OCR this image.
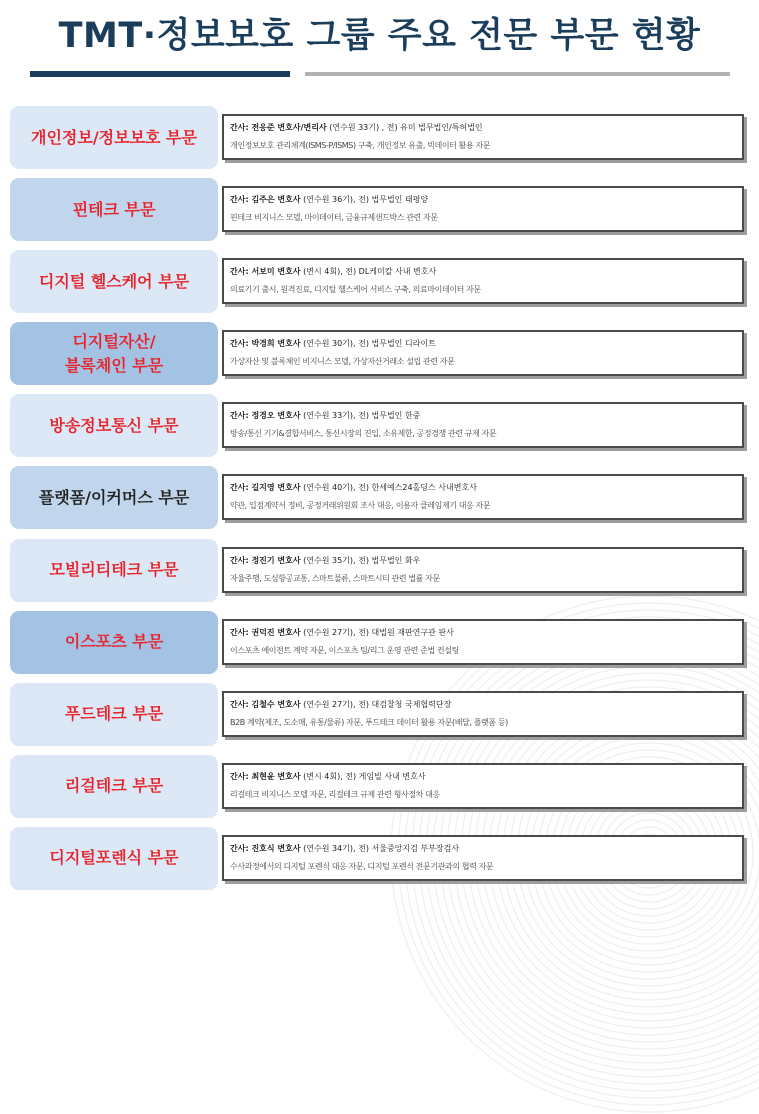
TMT·정보보호 그룹 주요 전문 부문 현황
개인정보/정보보호 부문	간사: 전응준 변호사/변리사 (연수원 33기) , 전) 유미 법무법인/특허법인
개인정보보호 관리체계(ISMS-P/ISMS) 구축, 개인정보 유출, 빅데이터 활용 자문
핀테크 부문	간사: 김주은 변호사 (연수원 36기), 전) 법무법인 태평양
핀테크 비지니스 모델, 마이데이터, 금융규제샌드박스 관련 자문
디지털 헬스케어 부문	간사: 서보미 변호사 (변시 4회), 전) DL케미칼 사내 변호사
의료기기 출시, 원격진료, 디지털 헬스케어 서비스 구축, 의료마이데이터 자문
디지털자산/
블록체인 부문
간사: 박경희 변호사 (연수원 30기), 전) 법무법인 디라이트
가상자산 및 블록체인 비지니스 모델, 가상자산거래소 설립 관련 자문
방송정보통신 부문	간사: 정경오 변호사 (연수원 33기), 전) 법무법인 한중
방송/통신 기기&결합서비스, 통신시장의 진입, 소유제한, 공정경쟁 관련 규제 자문
플랫폼/이커머스 부문	간사: 길지영 변호사 (연수원 40기), 전) 한세예스24홀딩스 사내변호사
약관, 입점계약서 정비, 공정거래위원회 조사 대응, 이용자 클레임제기 대응 자문
모빌리티테크 부문	간사: 정진기 변호사 (연수원 35기), 전) 법무법인 화우
자율주행, 도심항공교통, 스마트물류, 스마트시티 관련 법률 자문
이스포츠 부문	간사: 권덕진 변호사 (연수원 27기), 전) 대법원 재판연구관 판사
이스포츠 에이전트 계약 자문, 이스포츠 팀/리그 운영 관련 준법 컨설팅
푸드테크 부문	간사: 김철수 변호사 (연수원 27기), 전) 대검찰청 국제협력단장
B2B 계약(제조, 도소매, 유통/물류) 자문, 푸드테크 데이터 활용 자문(배달, 플랫폼 등)
리걸테크 부문	간사: 최현윤 변호사 (변시 4회), 전) 게임빌 사내 변호사
리걸테크 비지니스 모델 자문, 리걸테크 규제 관련 형사절차 대응
디지털포렌식 부문	간사: 진호식 변호사 (연수원 34기), 전) 서울중앙지검 부부장검사
수사과정에서의 디지털 포렌식 대응 자문, 디지털 포렌식 전문기관과의 협력 자문
